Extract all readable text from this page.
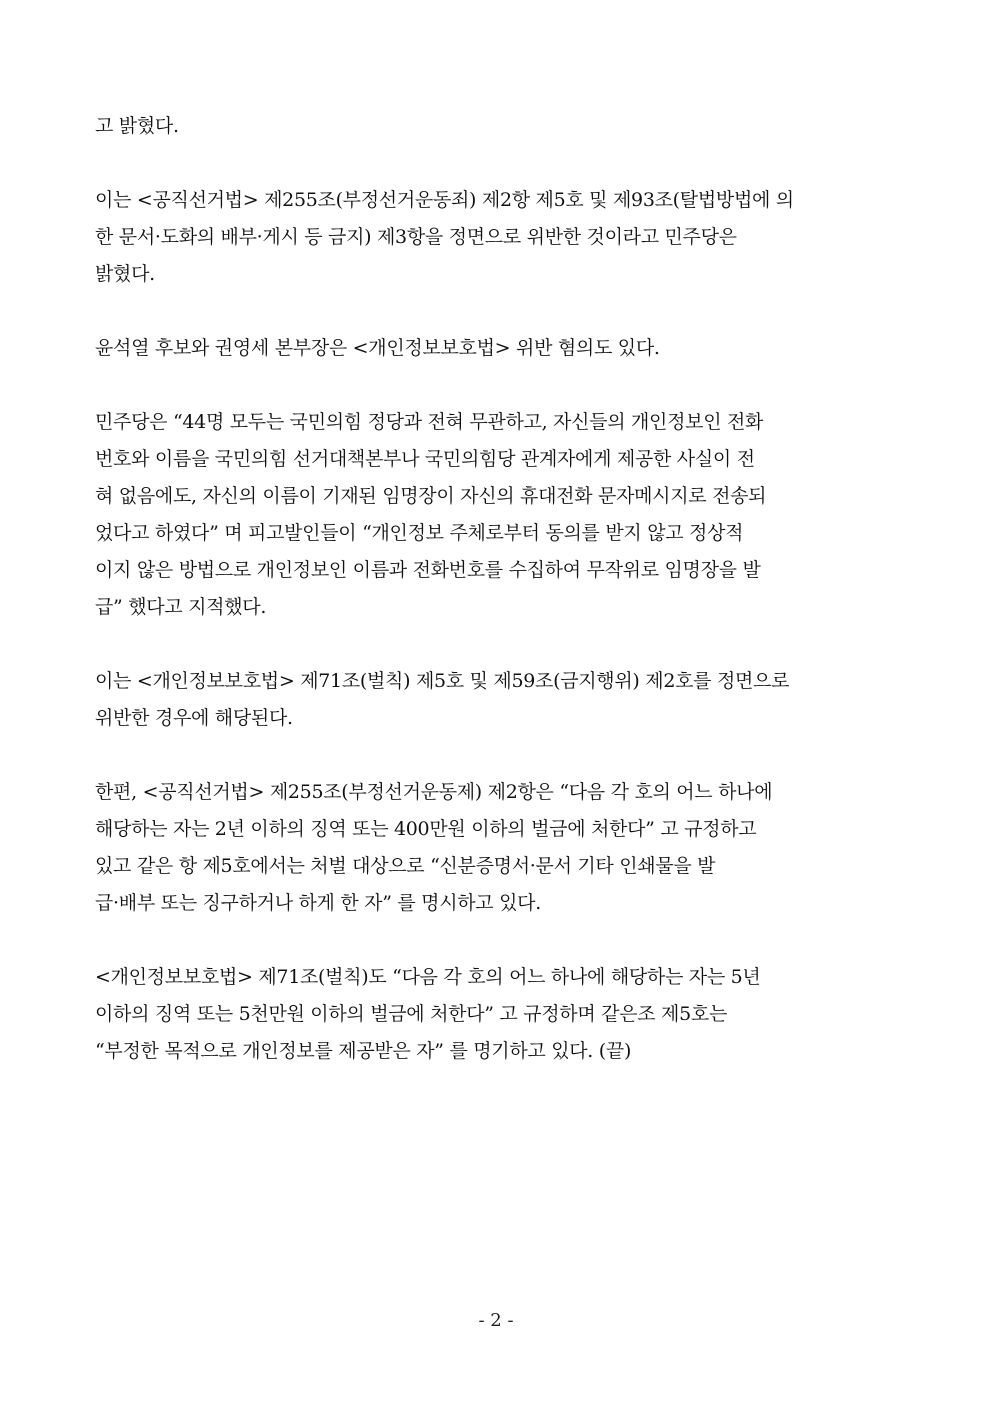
고 밝혔다.

이는 <공직선거법> 제255조(부정선거운동죄) 제2항 제5호 및 제93조(탈법방법에 의
한 문서·도화의 배부·게시 등 금지) 제3항을 정면으로 위반한 것이라고 민주당은
밝혔다.

윤석열 후보와 권영세 본부장은 <개인정보보호법> 위반 혐의도 있다.

민주당은 “44명 모두는 국민의힘 정당과 전혀 무관하고, 자신들의 개인정보인 전화
번호와 이름을 국민의힘 선거대책본부나 국민의힘당 관계자에게 제공한 사실이 전
혀 없음에도, 자신의 이름이 기재된 임명장이 자신의 휴대전화 문자메시지로 전송되
었다고 하였다” 며 피고발인들이 “개인정보 주체로부터 동의를 받지 않고 정상적
이지 않은 방법으로 개인정보인 이름과 전화번호를 수집하여 무작위로 임명장을 발
급” 했다고 지적했다.

이는 <개인정보보호법> 제71조(벌칙) 제5호 및 제59조(금지행위) 제2호를 정면으로
위반한 경우에 해당된다.

한편, <공직선거법> 제255조(부정선거운동제) 제2항은 “다음 각 호의 어느 하나에
해당하는 자는 2년 이하의 징역 또는 400만원 이하의 벌금에 처한다” 고 규정하고
있고 같은 항 제5호에서는 처벌 대상으로 “신분증명서·문서 기타 인쇄물을 발
급·배부 또는 징구하거나 하게 한 자” 를 명시하고 있다.

<개인정보보호법> 제71조(벌칙)도 “다음 각 호의 어느 하나에 해당하는 자는 5년
이하의 징역 또는 5천만원 이하의 벌금에 처한다” 고 규정하며 같은조 제5호는
“부정한 목적으로 개인정보를 제공받은 자” 를 명기하고 있다. (끝)

- 2 -
